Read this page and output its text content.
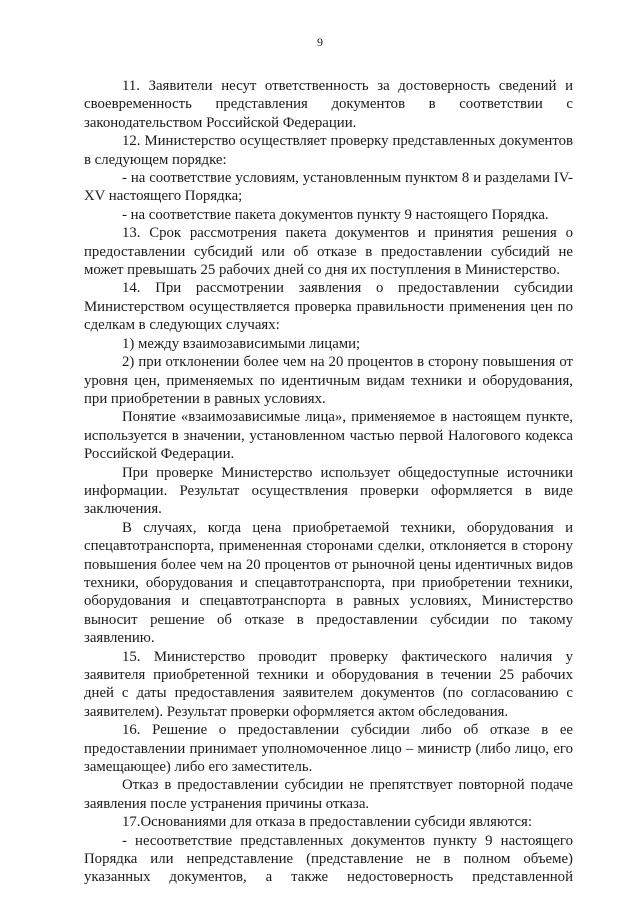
9

11. Заявители несут ответственность за достоверность сведений и своевременность представления документов в соответствии с законодательством Российской Федерации.

12. Министерство осуществляет проверку представленных документов в следующем порядке:

- на соответствие условиям, установленным пунктом 8 и разделами IV-XV настоящего Порядка;

- на соответствие пакета документов пункту 9 настоящего Порядка.

13. Срок рассмотрения пакета документов и принятия решения о предоставлении субсидий или об отказе в предоставлении субсидий не может превышать 25 рабочих дней со дня их поступления в Министерство.

14. При рассмотрении заявления о предоставлении субсидии Министерством осуществляется проверка правильности применения цен по сделкам в следующих случаях:

1) между взаимозависимыми лицами;

2) при отклонении более чем на 20 процентов в сторону повышения от уровня цен, применяемых по идентичным видам техники и оборудования, при приобретении в равных условиях.

Понятие «взаимозависимые лица», применяемое в настоящем пункте, используется в значении, установленном частью первой Налогового кодекса Российской Федерации.

При проверке Министерство использует общедоступные источники информации. Результат осуществления проверки оформляется в виде заключения.

В случаях, когда цена приобретаемой техники, оборудования и спецавтотранспорта, примененная сторонами сделки, отклоняется в сторону повышения более чем на 20 процентов от рыночной цены идентичных видов техники, оборудования и спецавтотранспорта, при приобретении техники, оборудования и спецавтотранспорта в равных условиях, Министерство выносит решение об отказе в предоставлении субсидии по такому заявлению.

15. Министерство проводит проверку фактического наличия у заявителя приобретенной техники и оборудования в течении 25 рабочих дней с даты предоставления заявителем документов (по согласованию с заявителем). Результат проверки оформляется актом обследования.

16. Решение о предоставлении субсидии либо об отказе в ее предоставлении принимает уполномоченное лицо – министр (либо лицо, его замещающее) либо его заместитель.

Отказ в предоставлении субсидии не препятствует повторной подаче заявления после устранения причины отказа.

17.Основаниями для отказа в предоставлении субсиди являются:

- несоответствие представленных документов пункту 9 настоящего Порядка или непредставление (представление не в полном объеме) указанных документов, а также недостоверность представленной
